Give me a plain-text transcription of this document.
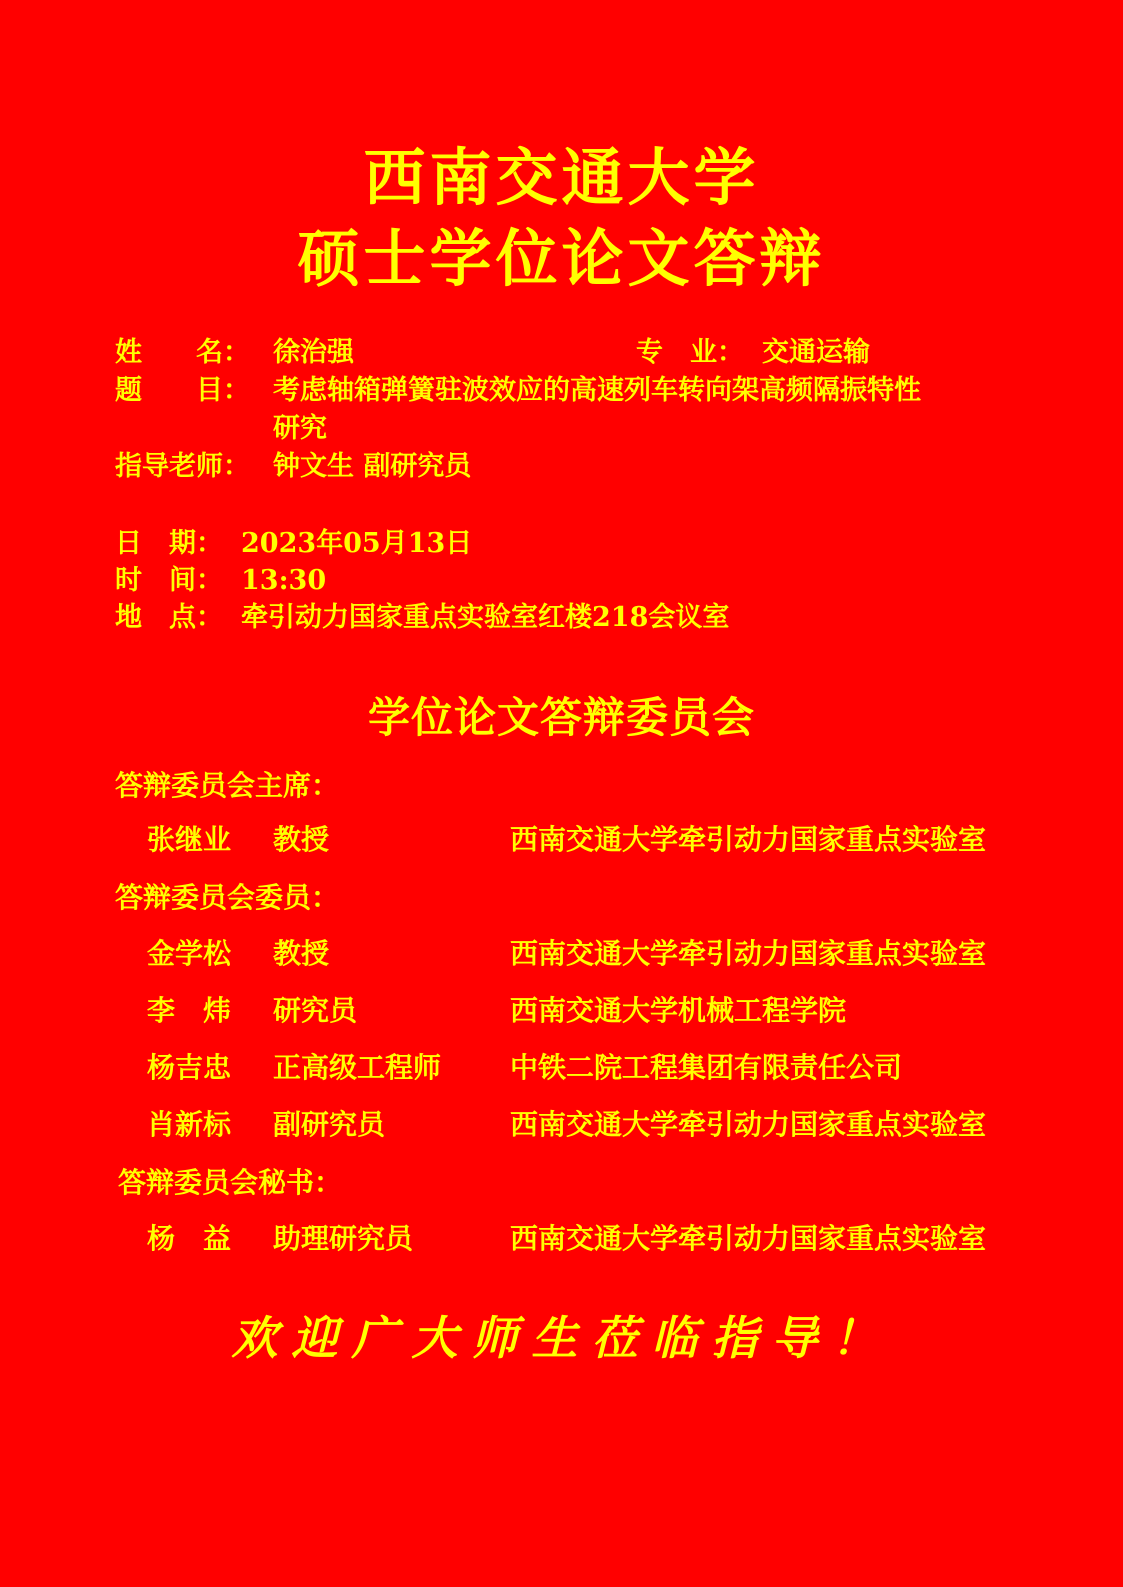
西南交通大学
硕士学位论文答辩
姓　　名： 徐治强	专　业： 交通运输
题　　目： 考虑轴箱弹簧驻波效应的高速列车转向架高频隔振特性
研究
指导老师： 钟文生 副研究员
日　期： 2023年05月13日
时　间： 13:30
地　点： 牵引动力国家重点实验室红楼218会议室
学位论文答辩委员会
答辩委员会主席：
张继业 教授	西南交通大学牵引动力国家重点实验室
答辩委员会委员：
金学松 教授	西南交通大学牵引动力国家重点实验室
李　炜 研究员	西南交通大学机械工程学院
杨吉忠 正高级工程师 中铁二院工程集团有限责任公司
肖新标 副研究员	西南交通大学牵引动力国家重点实验室
答辩委员会秘书：
杨　益 助理研究员	西南交通大学牵引动力国家重点实验室
欢迎广大师生莅临指导！
